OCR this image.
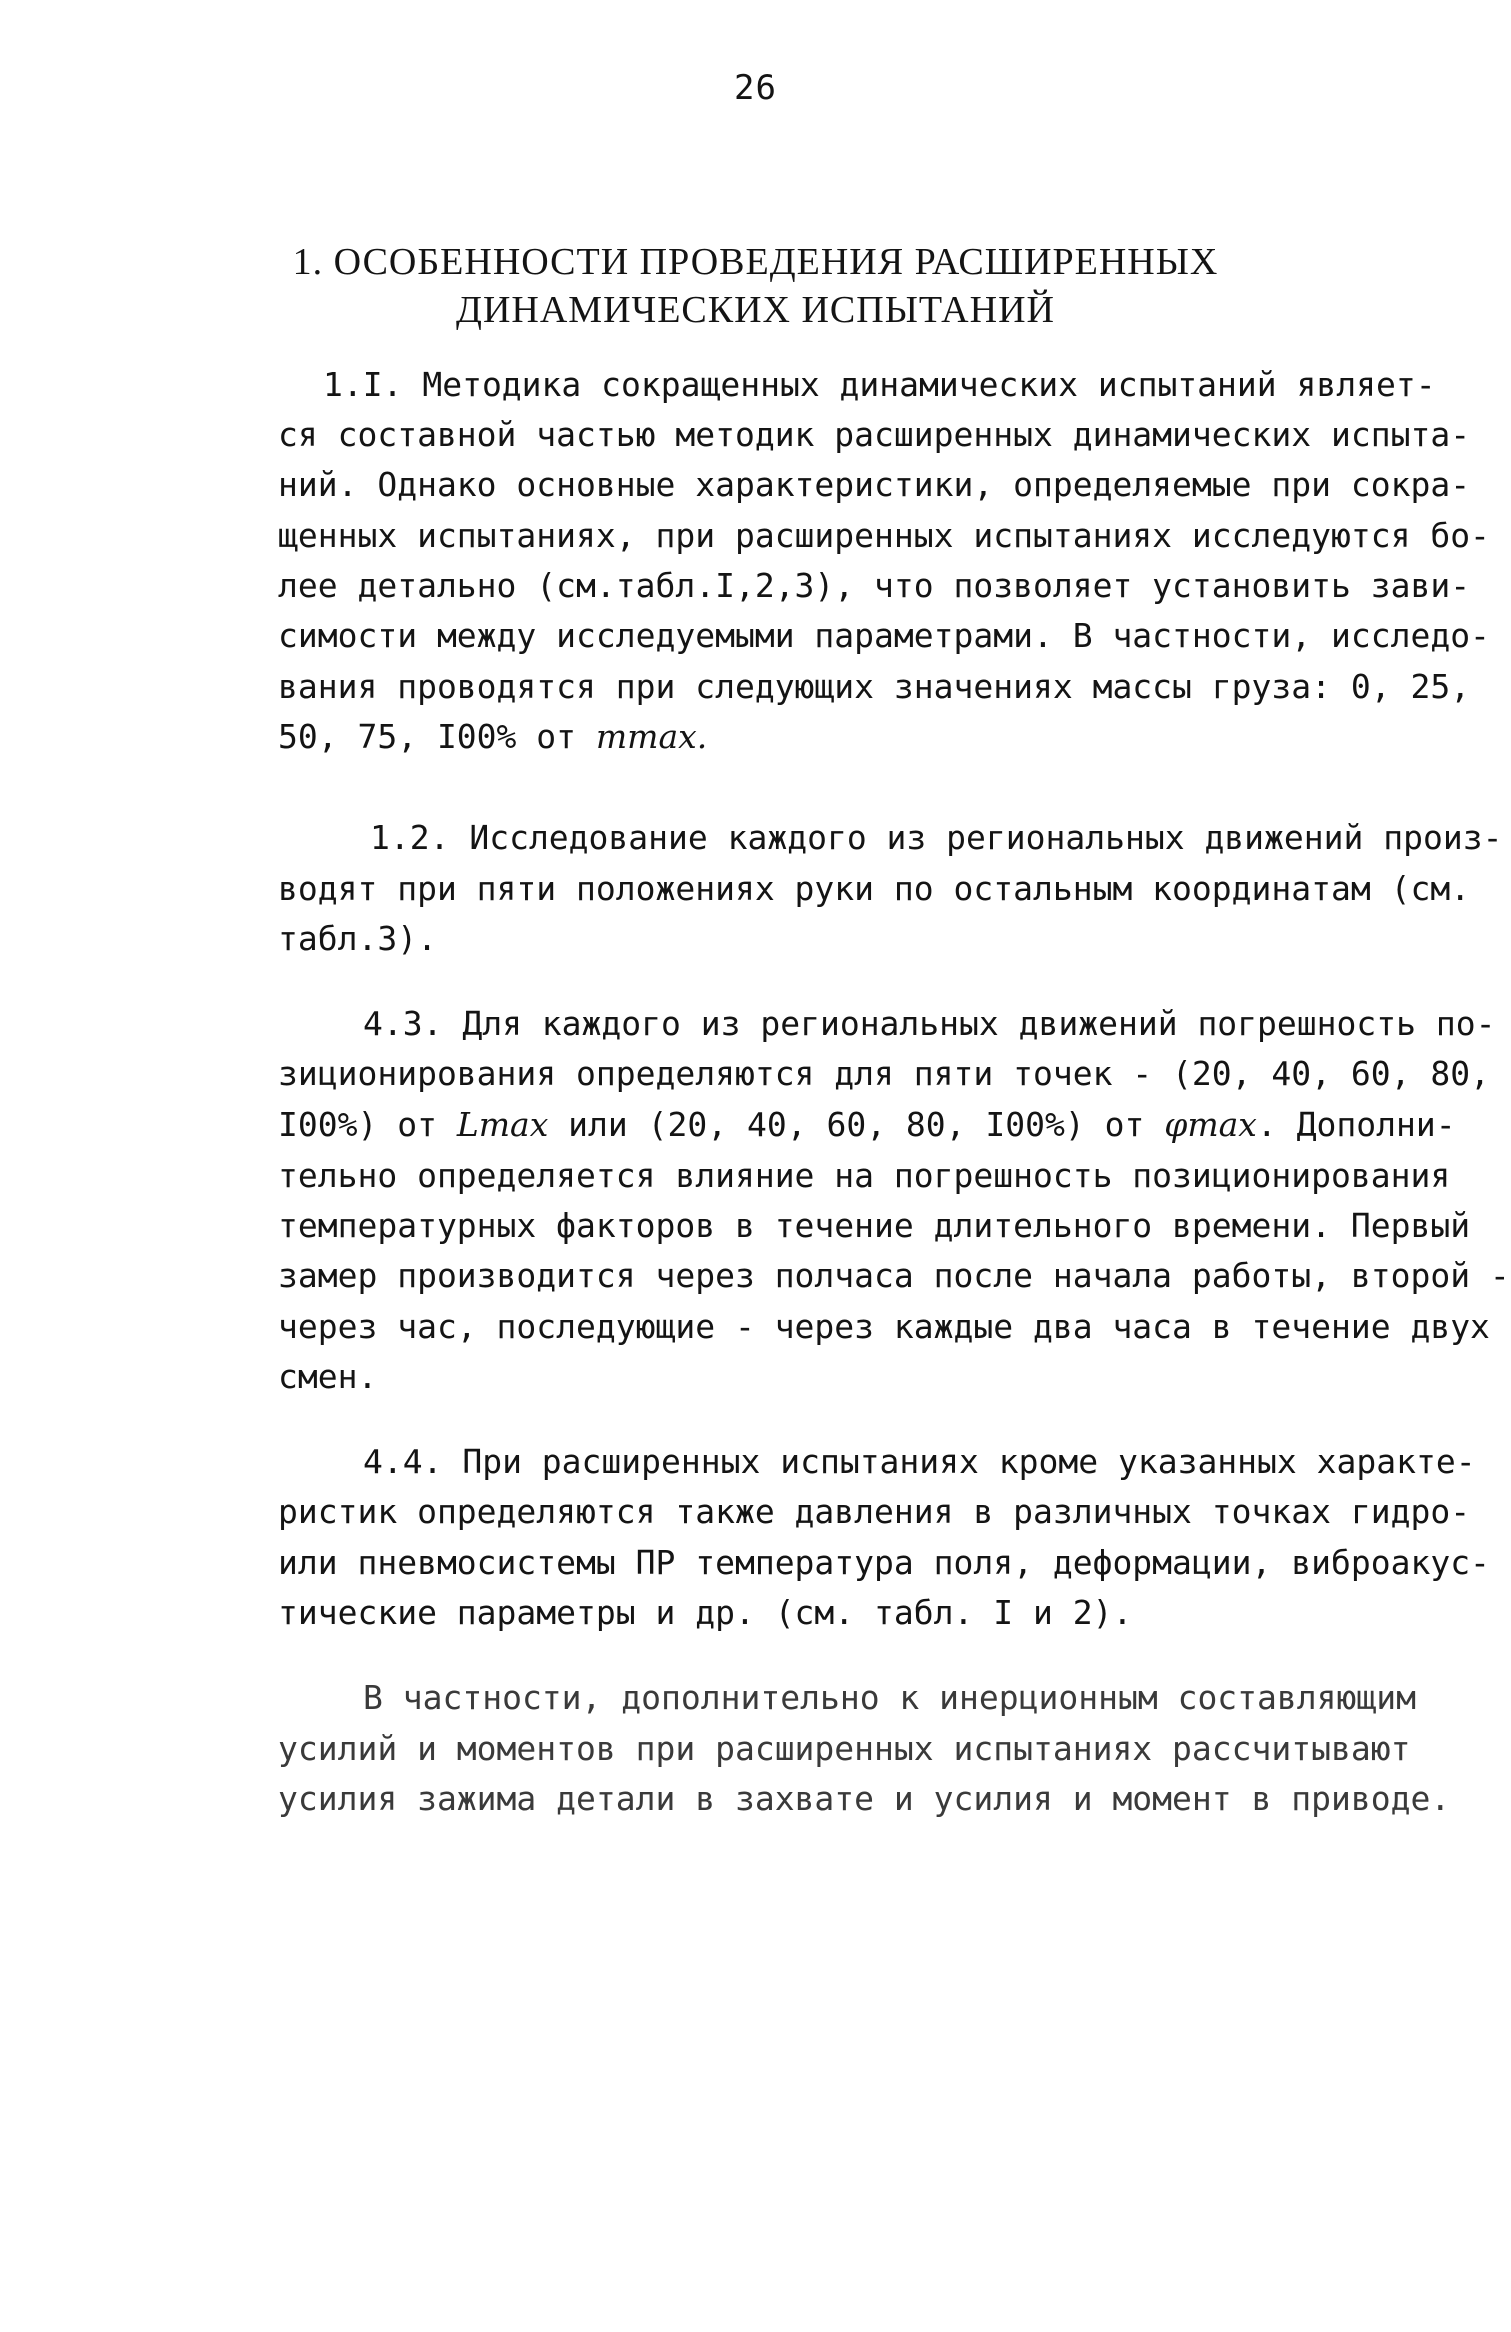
26
1. ОСОБЕННОСТИ ПРОВЕДЕНИЯ РАСШИРЕННЫХ
ДИНАМИЧЕСКИХ ИСПЫТАНИЙ
1.I. Методика сокращенных динамических испытаний являет-
ся составной частью методик расширенных динамических испыта-
ний. Однако основные характеристики, определяемые при сокра-
щенных испытаниях, при расширенных испытаниях исследуются бо-
лее детально (см.табл.I,2,3), что позволяет установить зави-
симости между исследуемыми параметрами. В частности, исследо-
вания проводятся при следующих значениях массы груза: 0, 25,
50, 75, I00% от mmax.
1.2. Исследование каждого из региональных движений произ-
водят при пяти положениях руки по остальным координатам (см.
табл.3).
4.3. Для каждого из региональных движений погрешность по-
зиционирования определяются для пяти точек - (20, 40, 60, 80,
I00%) от Lmax или (20, 40, 60, 80, I00%) от φmax. Дополни-
тельно определяется влияние на погрешность позиционирования
температурных факторов в течение длительного времени. Первый
замер производится через полчаса после начала работы, второй -
через час, последующие - через каждые два часа в течение двух
смен.
4.4. При расширенных испытаниях кроме указанных характе-
ристик определяются также давления в различных точках гидро-
или пневмосистемы ПР температура поля, деформации, виброакус-
тические параметры и др. (см. табл. I и 2).
В частности, дополнительно к инерционным составляющим
усилий и моментов при расширенных испытаниях рассчитывают
усилия зажима детали в захвате и усилия и момент в приводе.
